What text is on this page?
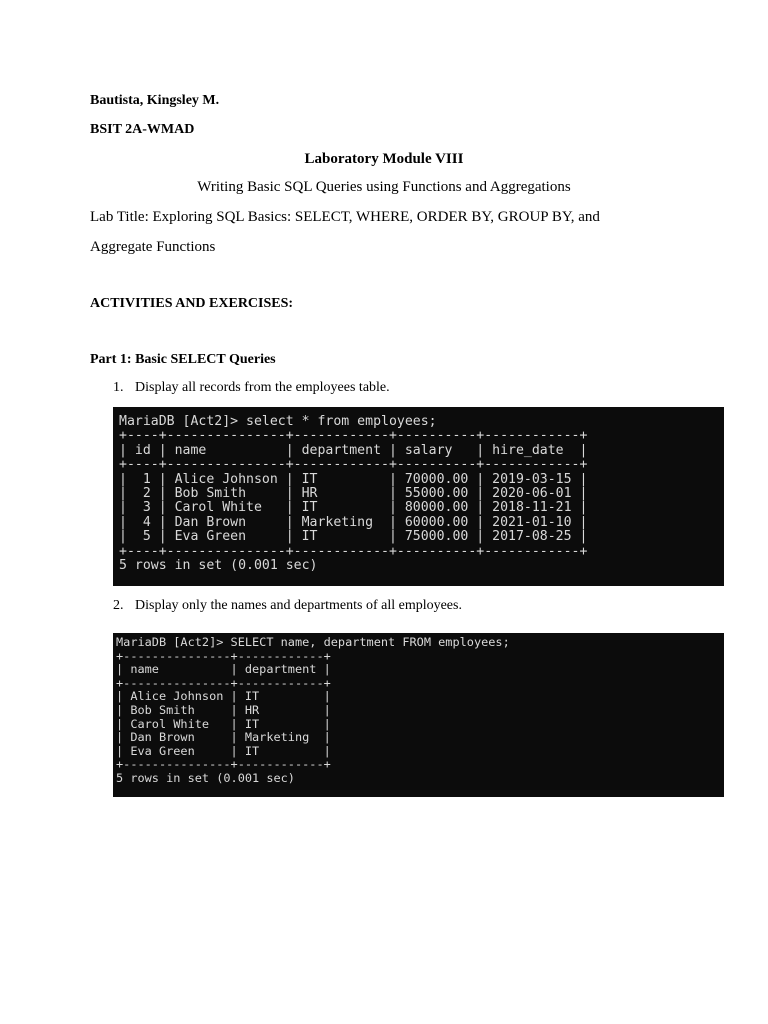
Bautista, Kingsley M.
BSIT 2A-WMAD
Laboratory Module VIII
Writing Basic SQL Queries using Functions and Aggregations
Lab Title: Exploring SQL Basics: SELECT, WHERE, ORDER BY, GROUP BY, and
Aggregate Functions
ACTIVITIES AND EXERCISES:
Part 1: Basic SELECT Queries
1. Display all records from the employees table.
MariaDB [Act2]> select * from employees;
+----+---------------+------------+----------+------------+
| id | name          | department | salary   | hire_date  |
+----+---------------+------------+----------+------------+
|  1 | Alice Johnson | IT         | 70000.00 | 2019-03-15 |
|  2 | Bob Smith     | HR         | 55000.00 | 2020-06-01 |
|  3 | Carol White   | IT         | 80000.00 | 2018-11-21 |
|  4 | Dan Brown     | Marketing  | 60000.00 | 2021-01-10 |
|  5 | Eva Green     | IT         | 75000.00 | 2017-08-25 |
+----+---------------+------------+----------+------------+
5 rows in set (0.001 sec)
2. Display only the names and departments of all employees.
MariaDB [Act2]> SELECT name, department FROM employees;
+---------------+------------+
| name          | department |
+---------------+------------+
| Alice Johnson | IT         |
| Bob Smith     | HR         |
| Carol White   | IT         |
| Dan Brown     | Marketing  |
| Eva Green     | IT         |
+---------------+------------+
5 rows in set (0.001 sec)
